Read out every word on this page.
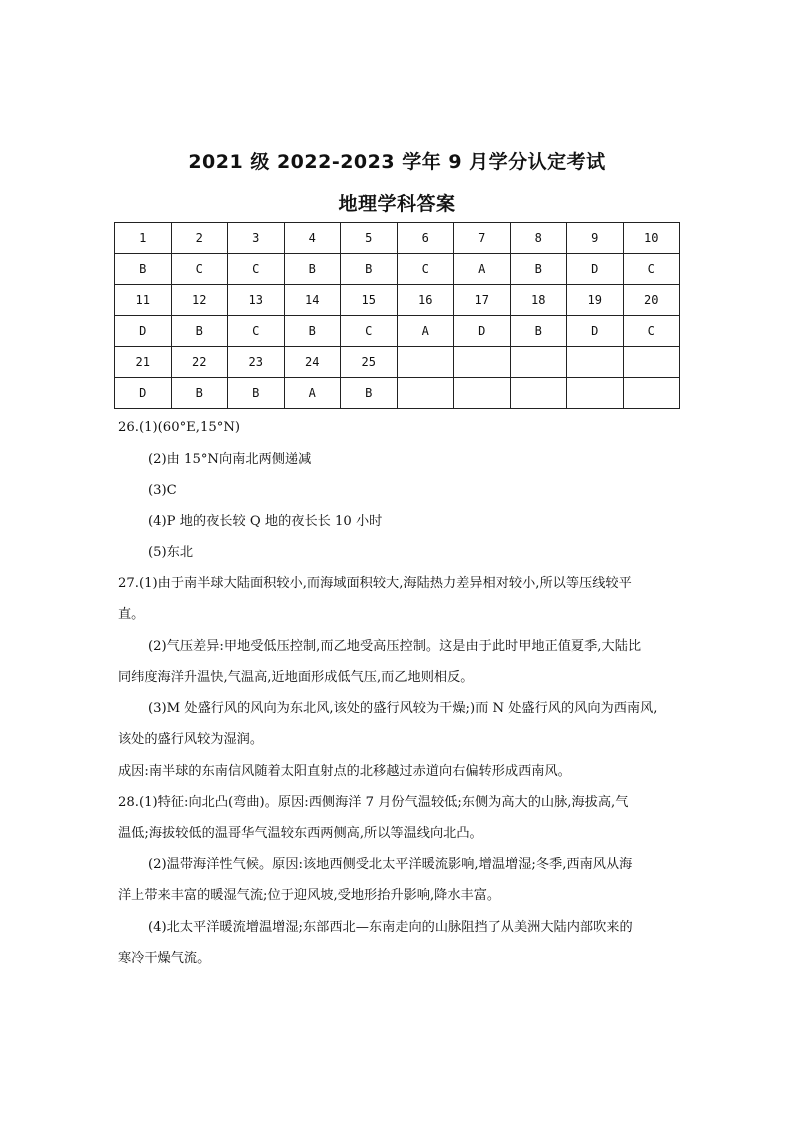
2021 级 2022-2023 学年 9 月学分认定考试
地理学科答案
1	2	3	4	5	6	7	8	9	10
B	C	C	B	B	C	A	B	D	C
11	12	13	14	15	16	17	18	19	20
D	B	C	B	C	A	D	B	D	C
21	22	23	24	25					
D	B	B	A	B					
26.(1)(60°E,15°N)
(2)由 15°N向南北两侧递减
(3)C
(4)P 地的夜长较 Q 地的夜长长 10 小时
(5)东北
27.(1)由于南半球大陆面积较小,而海域面积较大,海陆热力差异相对较小,所以等压线较平
直。
(2)气压差异:甲地受低压控制,而乙地受高压控制。这是由于此时甲地正值夏季,大陆比
同纬度海洋升温快,气温高,近地面形成低气压,而乙地则相反。
(3)M 处盛行风的风向为东北风,该处的盛行风较为干燥;)而 N 处盛行风的风向为西南风,
该处的盛行风较为湿润。
成因:南半球的东南信风随着太阳直射点的北移越过赤道向右偏转形成西南风。
28.(1)特征:向北凸(弯曲)。原因:西侧海洋 7 月份气温较低;东侧为高大的山脉,海拔高,气
温低;海拔较低的温哥华气温较东西两侧高,所以等温线向北凸。
(2)温带海洋性气候。原因:该地西侧受北太平洋暖流影响,增温增湿;冬季,西南风从海
洋上带来丰富的暖湿气流;位于迎风坡,受地形抬升影响,降水丰富。
(4)北太平洋暖流增温增湿;东部西北—东南走向的山脉阻挡了从美洲大陆内部吹来的
寒冷干燥气流。
